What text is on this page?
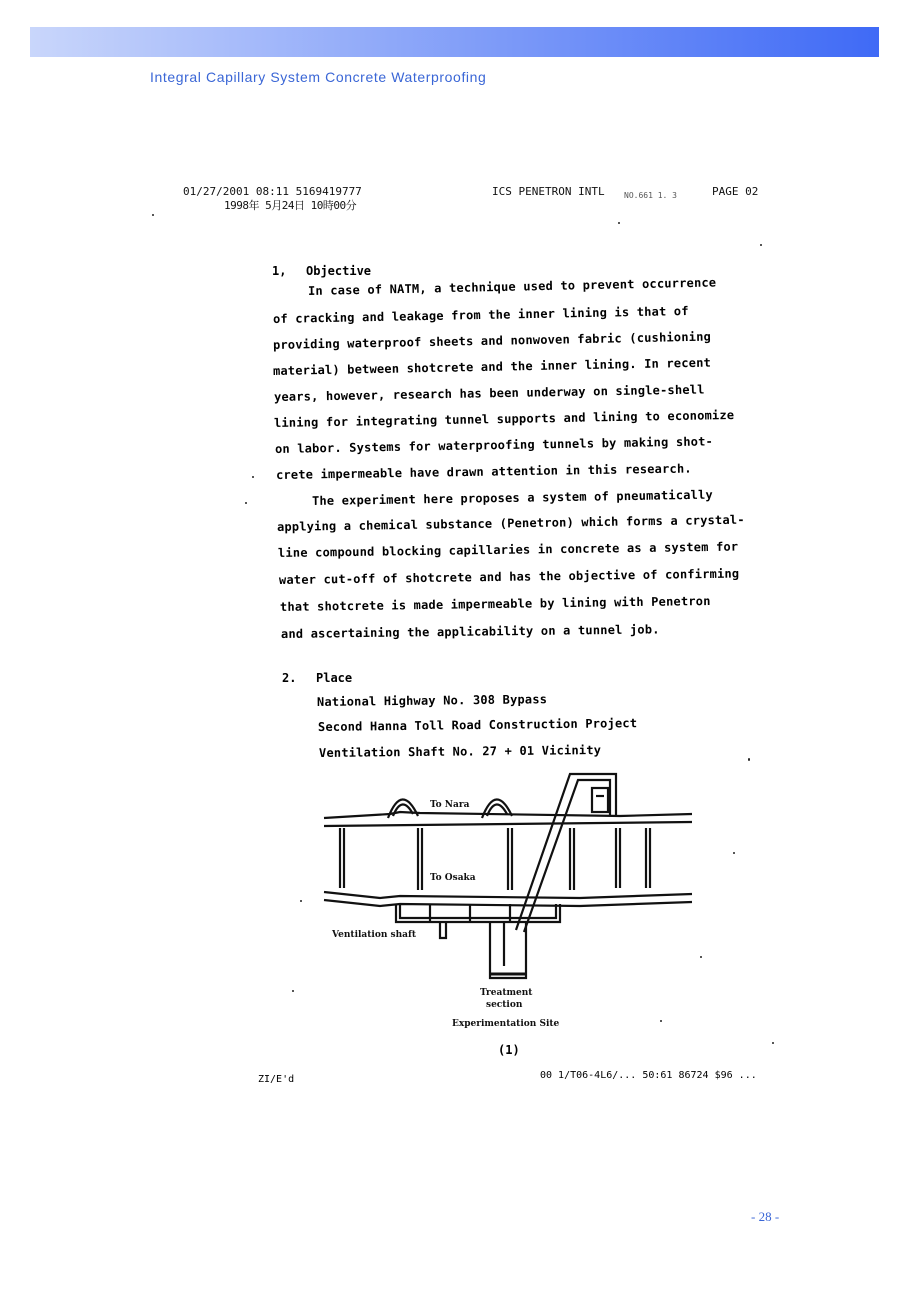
Integral Capillary System Concrete Waterproofing
01/27/2001 08:11 5169419777
1998年 5月24日 10時00分
ICS PENETRON INTL NO.661 1. 3	PAGE 02
1, Objective
In case of NATM, a technique used to prevent occurrence
of cracking and leakage from the inner lining is that of
providing waterproof sheets and nonwoven fabric (cushioning
material) between shotcrete and the inner lining. In recent
years, however, research has been underway on single-shell
lining for integrating tunnel supports and lining to economize
on labor. Systems for waterproofing tunnels by making shot-
crete impermeable have drawn attention in this research.
The experiment here proposes a system of pneumatically
applying a chemical substance (Penetron) which forms a crystal-
line compound blocking capillaries in concrete as a system for
water cut-off of shotcrete and has the objective of confirming
that shotcrete is made impermeable by lining with Penetron
and ascertaining the applicability on a tunnel job.
2. Place
National Highway No. 308 Bypass
Second Hanna Toll Road Construction Project
Ventilation Shaft No. 27 + 01 Vicinity
To Nara
To Osaka
Ventilation shaft
Treatment
section
Experimentation Site
(1)
ZI/E'd	00 1/T06-4L6/... 50:61 86724 $96 ...
- 28 -
